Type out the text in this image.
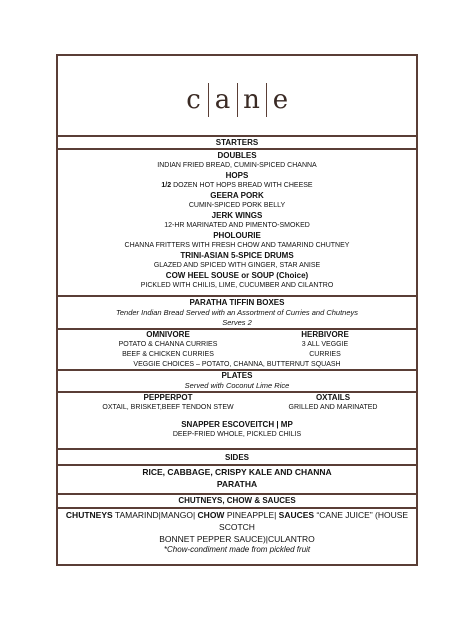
c a n e
STARTERS
DOUBLES
INDIAN FRIED BREAD, CUMIN-SPICED CHANNA
HOPS
1/2 DOZEN HOT HOPS BREAD WITH CHEESE
GEERA PORK
CUMIN-SPICED PORK BELLY
JERK WINGS
12-HR MARINATED AND PIMENTO-SMOKED
PHOLOURIE
CHANNA FRITTERS WITH FRESH CHOW AND TAMARIND CHUTNEY
TRINI-ASIAN 5-SPICE DRUMS
GLAZED AND SPICED WITH GINGER, STAR ANISE
COW HEEL SOUSE or SOUP (Choice)
PICKLED WITH CHILIS, LIME, CUCUMBER AND CILANTRO
PARATHA TIFFIN BOXES
Tender Indian Bread Served with an Assortment of Curries and Chutneys
Serves 2
OMNIVORE
POTATO & CHANNA CURRIES
BEEF & CHICKEN CURRIES
HERBIVORE
3 ALL VEGGIE
CURRIES
VEGGIE CHOICES – POTATO, CHANNA, BUTTERNUT SQUASH
PLATES
Served with Coconut Lime Rice
PEPPERPOT
OXTAIL, BRISKET,BEEF TENDON STEW
OXTAILS
GRILLED AND MARINATED
SNAPPER ESCOVEITCH | MP
DEEP-FRIED WHOLE, PICKLED CHILIS
SIDES
RICE, CABBAGE, CRISPY KALE AND CHANNA
PARATHA
CHUTNEYS, CHOW & SAUCES
CHUTNEYS TAMARIND|MANGO| CHOW PINEAPPLE| SAUCES “CANE JUICE” (HOUSE SCOTCH
BONNET PEPPER SAUCE)|CULANTRO
*Chow-condiment made from pickled fruit
